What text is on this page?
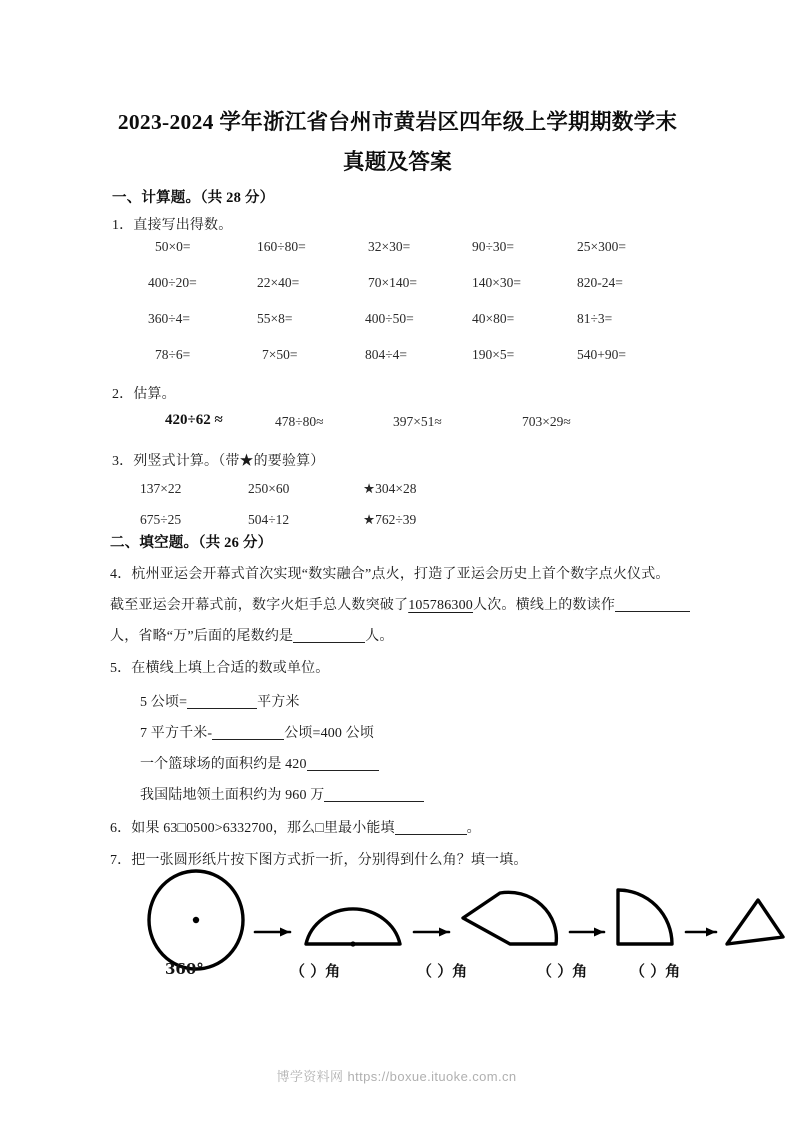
2023-2024 学年浙江省台州市黄岩区四年级上学期期数学末
真题及答案
一、计算题。（共 28 分）
1．直接写出得数。
50×0=	160÷80=	32×30=	90÷30=	25×300=
400÷20=	22×40=	70×140=	140×30=	820-24=
360÷4=	55×8=	400÷50=	40×80=	81÷3=
78÷6=	7×50=	804÷4=	190×5=	540+90=
2．估算。
420÷62 ≈	478÷80≈	397×51≈	703×29≈
3．列竖式计算。（带★的要验算）
137×22	250×60	★304×28
675÷25	504÷12	★762÷39
二、填空题。（共 26 分）
4．杭州亚运会开幕式首次实现“数实融合”点火，打造了亚运会历史上首个数字点火仪式。
截至亚运会开幕式前，数字火炬手总人数突破了105786300人次。横线上的数读作
人，省略“万”后面的尾数约是	人。
5．在横线上填上合适的数或单位。
5 公顷=	平方米
7 平方千米-	公顷=400 公顷
一个篮球场的面积约是 420
我国陆地领土面积约为 960 万
6．如果 63□0500>6332700，那么□里最小能填	。
7．把一张圆形纸片按下图方式折一折，分别得到什么角？填一填。
360°	（ ）角	（ ）角	（ ）角	（ ）角
博学资料网 https://boxue.ituoke.com.cn
